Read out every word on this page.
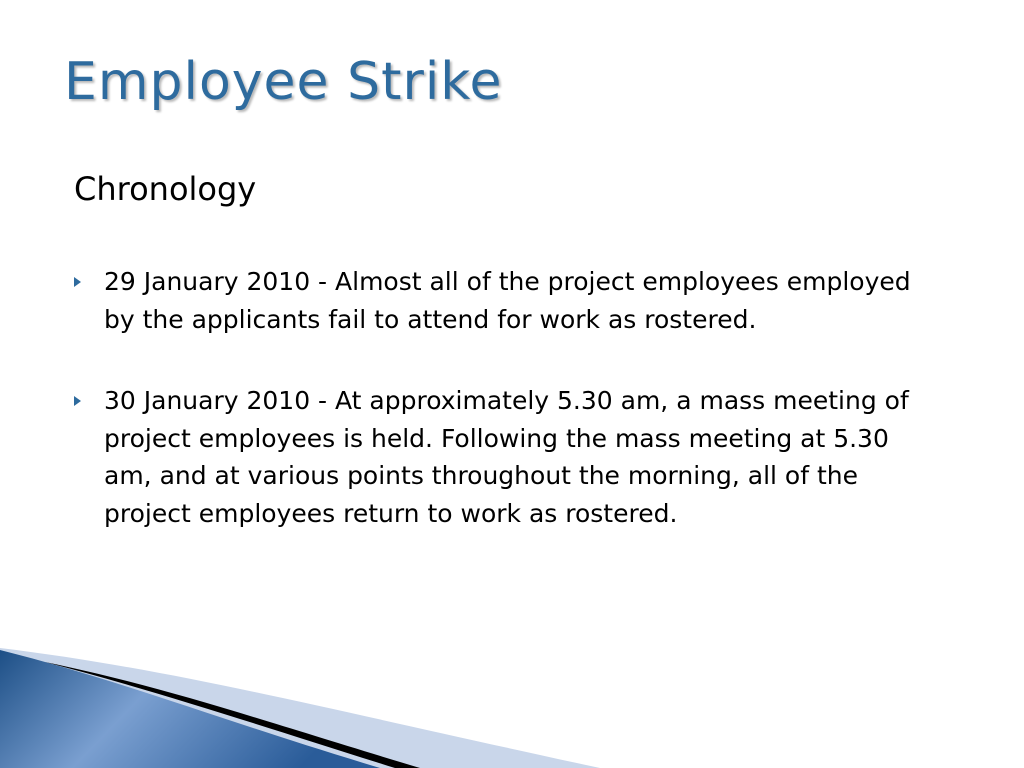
Employee Strike
Chronology
29 January 2010 - Almost all of the project employees employed by the applicants fail to attend for work as rostered.
30 January 2010 - At approximately 5.30 am, a mass meeting of project employees is held. Following the mass meeting at 5.30 am, and at various points throughout the morning, all of the project employees return to work as rostered.
